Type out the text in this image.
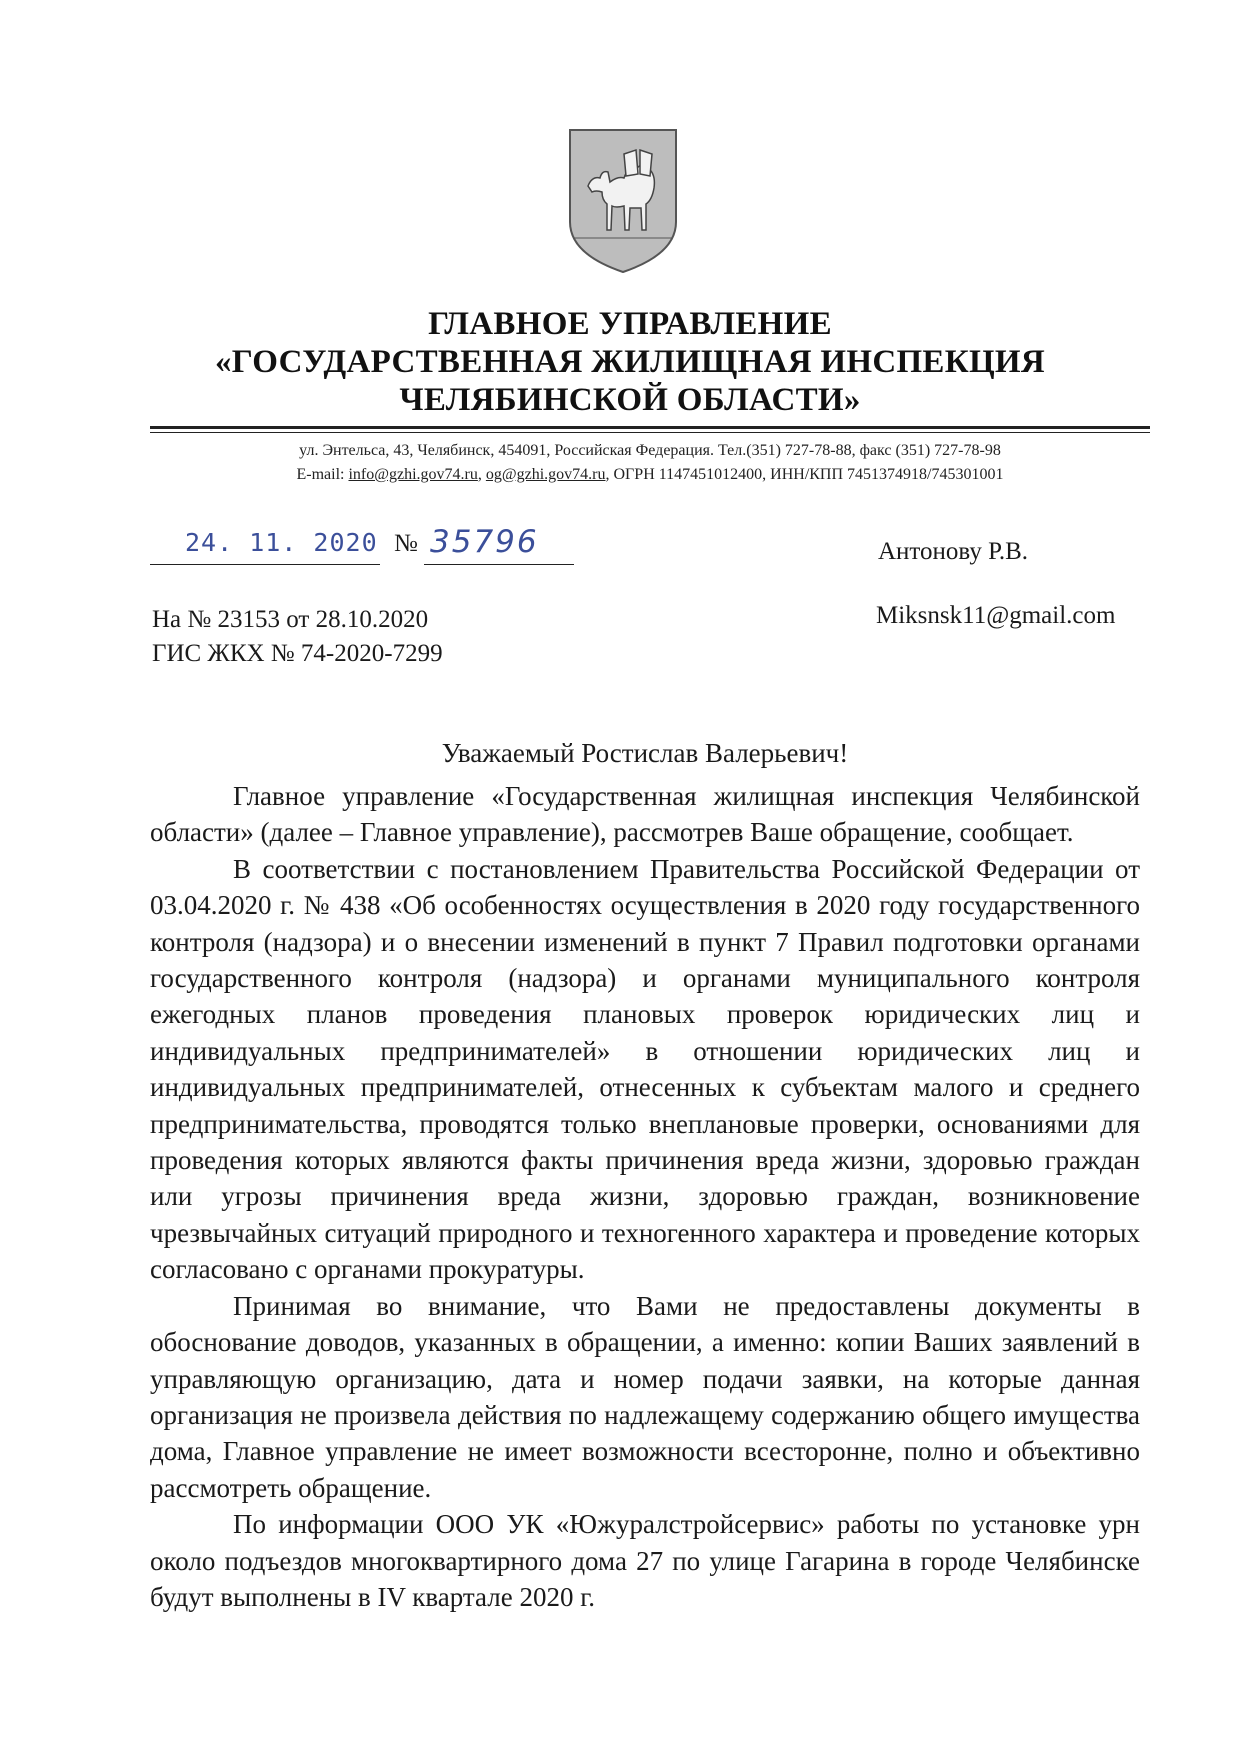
ГЛАВНОЕ УПРАВЛЕНИЕ
«ГОСУДАРСТВЕННАЯ ЖИЛИЩНАЯ ИНСПЕКЦИЯ
ЧЕЛЯБИНСКОЙ ОБЛАСТИ»
ул. Энтельса, 43, Челябинск, 454091, Российская Федерация. Тел.(351) 727-78-88, факс (351) 727-78-98
E-mail: info@gzhi.gov74.ru, og@gzhi.gov74.ru, ОГРН 1147451012400, ИНН/КПП 7451374918/745301001
24. 11. 2020 № 35796	Антонову Р.В.
Miksnsk11@gmail.com
На № 23153 от 28.10.2020
ГИС ЖКХ № 74-2020-7299
Уважаемый Ростислав Валерьевич!

Главное управление «Государственная жилищная инспекция Челябинской области» (далее – Главное управление), рассмотрев Ваше обращение, сообщает.

В соответствии с постановлением Правительства Российской Федерации от 03.04.2020 г. № 438 «Об особенностях осуществления в 2020 году государственного контроля (надзора) и о внесении изменений в пункт 7 Правил подготовки органами государственного контроля (надзора) и органами муниципального контроля ежегодных планов проведения плановых проверок юридических лиц и индивидуальных предпринимателей» в отношении юридических лиц и индивидуальных предпринимателей, отнесенных к субъектам малого и среднего предпринимательства, проводятся только внеплановые проверки, основаниями для проведения которых являются факты причинения вреда жизни, здоровью граждан или угрозы причинения вреда жизни, здоровью граждан, возникновение чрезвычайных ситуаций природного и техногенного характера и проведение которых согласовано с органами прокуратуры.

Принимая во внимание, что Вами не предоставлены документы в обоснование доводов, указанных в обращении, а именно: копии Ваших заявлений в управляющую организацию, дата и номер подачи заявки, на которые данная организация не произвела действия по надлежащему содержанию общего имущества дома, Главное управление не имеет возможности всесторонне, полно и объективно рассмотреть обращение.

По информации ООО УК «Южуралстройсервис» работы по установке урн около подъездов многоквартирного дома 27 по улице Гагарина в городе Челябинске будут выполнены в IV квартале 2020 г.
